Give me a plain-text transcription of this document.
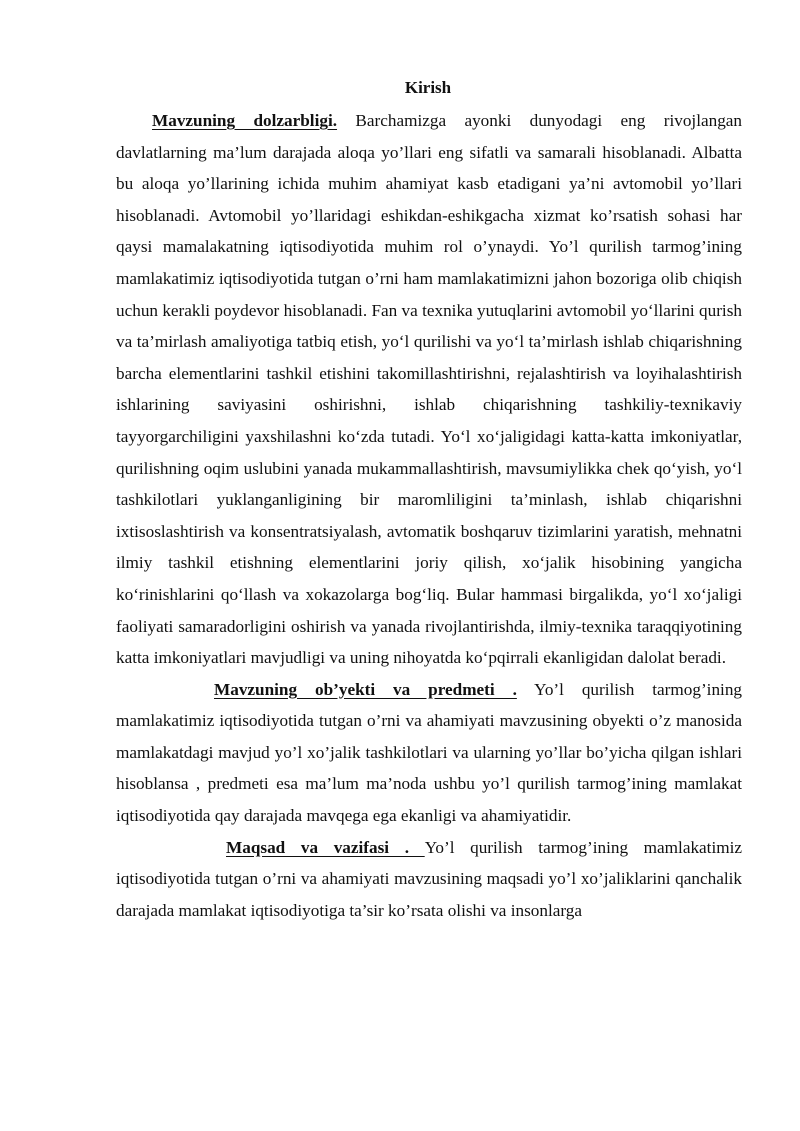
Kirish

Mavzuning dolzarbligi. Barchamizga ayonki dunyodagi eng rivojlangan davlatlarning ma’lum darajada aloqa yo’llari eng sifatli va samarali hisoblanadi. Albatta bu aloqa yo’llarining ichida muhim ahamiyat kasb etadigani ya’ni avtomobil yo’llari hisoblanadi. Avtomobil yo’llaridagi eshikdan-eshikgacha xizmat ko’rsatish sohasi har qaysi mamalakatning iqtisodiyotida muhim rol o’ynaydi. Yo’l qurilish tarmog’ining mamlakatimiz iqtisodiyotida tutgan o’rni ham mamlakatimizni jahon bozoriga olib chiqish uchun kerakli poydevor hisoblanadi. Fan va texnika yutuqlarini avtomobil yo‘llarini qurish va ta’mirlash amaliyotiga tatbiq etish, yo‘l qurilishi va yo‘l ta’mirlash ishlab chiqarishning barcha elementlarini tashkil etishini takomillashtirishni, rejalashtirish va loyihalashtirish ishlarining saviyasini oshirishni, ishlab chiqarishning tashkiliy-texnikaviy tayyorgarchiligini yaxshilashni ko‘zda tutadi. Yo‘l xo‘jaligidagi katta-katta imkoniyatlar, qurilishning oqim uslubini yanada mukammallashtirish, mavsumiylikka chek qo‘yish, yo‘l tashkilotlari yuklanganligining bir maromliligini ta’minlash, ishlab chiqarishni ixtisoslashtirish va konsentratsiyalash, avtomatik boshqaruv tizimlarini yaratish, mehnatni ilmiy tashkil etishning elementlarini joriy qilish, xo‘jalik hisobining yangicha ko‘rinishlarini qo‘llash va xokazolarga bog‘liq. Bular hammasi birgalikda, yo‘l xo‘jaligi faoliyati samaradorligini oshirish va yanada rivojlantirishda, ilmiy-texnika taraqqiyotining katta imkoniyatlari mavjudligi va uning nihoyatda ko‘pqirrali ekanligidan dalolat beradi.

Mavzuning ob’yekti va predmeti . Yo’l qurilish tarmog’ining mamlakatimiz iqtisodiyotida tutgan o’rni va ahamiyati mavzusining obyekti o’z manosida mamlakatdagi mavjud yo’l xo’jalik tashkilotlari va ularning yo’llar bo’yicha qilgan ishlari hisoblansa , predmeti esa ma’lum ma’noda ushbu yo’l qurilish tarmog’ining mamlakat iqtisodiyotida qay darajada mavqega ega ekanligi va ahamiyatidir.

Maqsad va vazifasi . Yo’l qurilish tarmog’ining mamlakatimiz iqtisodiyotida tutgan o’rni va ahamiyati mavzusining maqsadi yo’l xo’jaliklarini qanchalik darajada mamlakat iqtisodiyotiga ta’sir ko’rsata olishi va insonlarga
